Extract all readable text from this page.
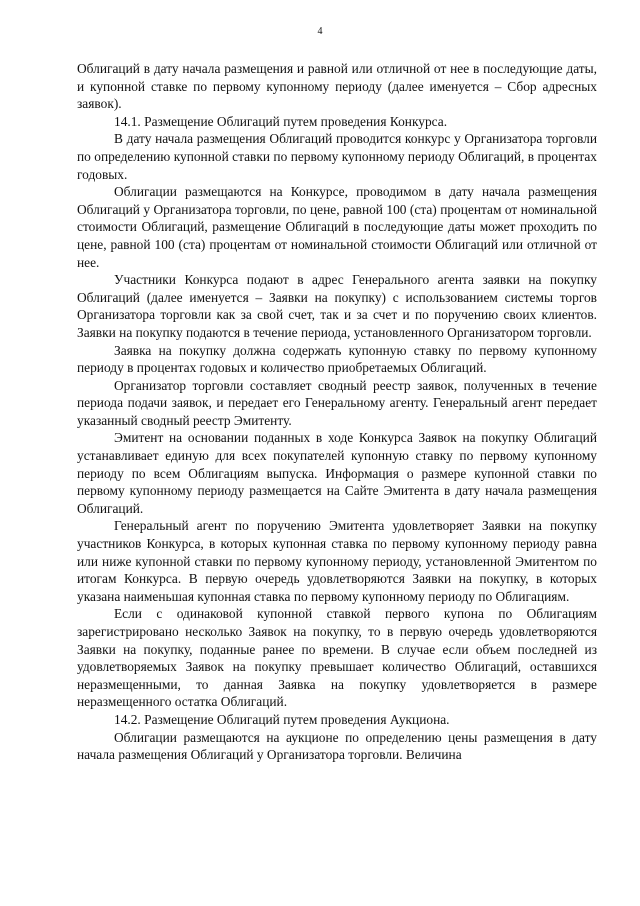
4

Облигаций в дату начала размещения и равной или отличной от нее в последующие даты, и купонной ставке по первому купонному периоду (далее именуется – Сбор адресных заявок).

14.1. Размещение Облигаций путем проведения Конкурса.

В дату начала размещения Облигаций проводится конкурс у Организатора торговли по определению купонной ставки по первому купонному периоду Облигаций, в процентах годовых.

Облигации размещаются на Конкурсе, проводимом в дату начала размещения Облигаций у Организатора торговли, по цене, равной 100 (ста) процентам от номинальной стоимости Облигаций, размещение Облигаций в последующие даты может проходить по цене, равной 100 (ста) процентам от номинальной стоимости Облигаций или отличной от нее.

Участники Конкурса подают в адрес Генерального агента заявки на покупку Облигаций (далее именуется – Заявки на покупку) с использованием системы торгов Организатора торговли как за свой счет, так и за счет и по поручению своих клиентов. Заявки на покупку подаются в течение периода, установленного Организатором торговли.

Заявка на покупку должна содержать купонную ставку по первому купонному периоду в процентах годовых и количество приобретаемых Облигаций.

Организатор торговли составляет сводный реестр заявок, полученных в течение периода подачи заявок, и передает его Генеральному агенту. Генеральный агент передает указанный сводный реестр Эмитенту.

Эмитент на основании поданных в ходе Конкурса Заявок на покупку Облигаций устанавливает единую для всех покупателей купонную ставку по первому купонному периоду по всем Облигациям выпуска. Информация о размере купонной ставки по первому купонному периоду размещается на Сайте Эмитента в дату начала размещения Облигаций.

Генеральный агент по поручению Эмитента удовлетворяет Заявки на покупку участников Конкурса, в которых купонная ставка по первому купонному периоду равна или ниже купонной ставки по первому купонному периоду, установленной Эмитентом по итогам Конкурса. В первую очередь удовлетворяются Заявки на покупку, в которых указана наименьшая купонная ставка по первому купонному периоду по Облигациям.

Если с одинаковой купонной ставкой первого купона по Облигациям зарегистрировано несколько Заявок на покупку, то в первую очередь удовлетворяются Заявки на покупку, поданные ранее по времени. В случае если объем последней из удовлетворяемых Заявок на покупку превышает количество Облигаций, оставшихся неразмещенными, то данная Заявка на покупку удовлетворяется в размере неразмещенного остатка Облигаций.

14.2. Размещение Облигаций путем проведения Аукциона.

Облигации размещаются на аукционе по определению цены размещения в дату начала размещения Облигаций у Организатора торговли. Величина
